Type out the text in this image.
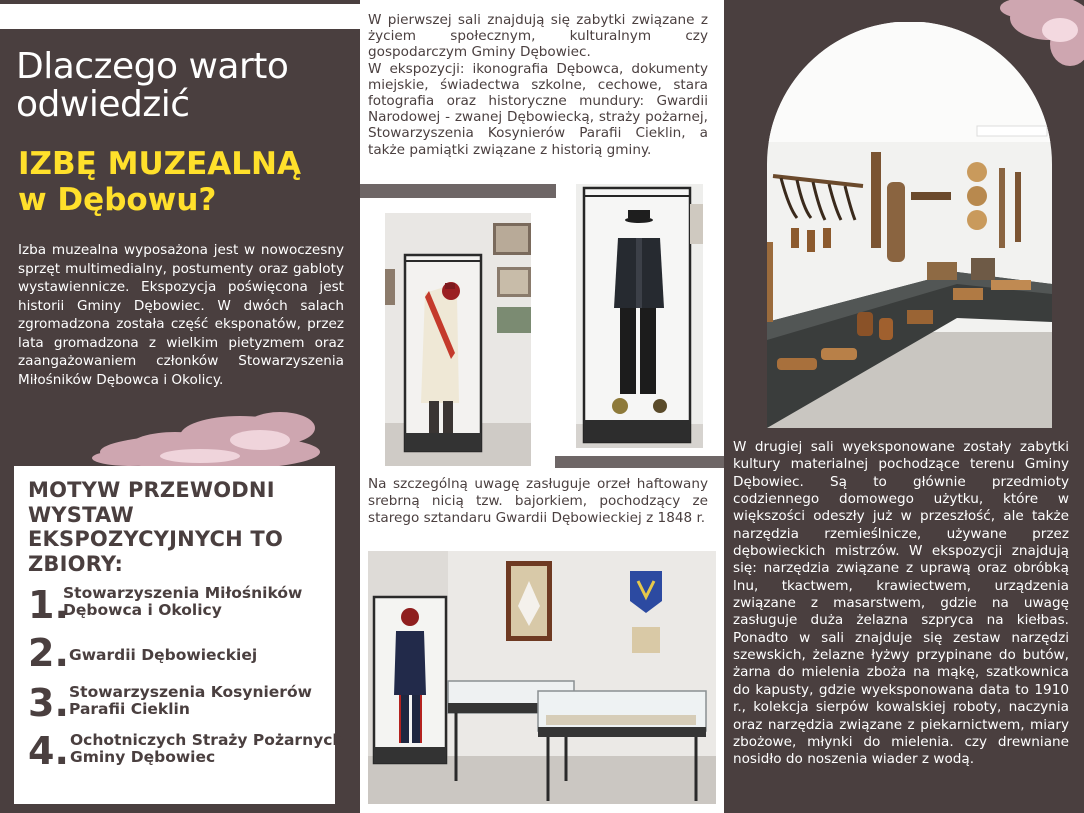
Dlaczego warto odwiedzić
IZBĘ MUZEALNĄ
w Dębowu?
Izba muzealna wyposażona jest w nowoczesny sprzęt multimedialny, postumenty oraz gabloty wystawiennicze. Ekspozycja poświęcona jest historii Gminy Dębowiec. W dwóch salach zgromadzona została część eksponatów, przez lata gromadzona z wielkim pietyzmem oraz zaangażowaniem członków Stowarzyszenia Miłośników Dębowca i Okolicy.
MOTYW PRZEWODNI WYSTAW EKSPOZYCYJNYCH TO ZBIORY:
1.
Stowarzyszenia Miłośników Dębowca i Okolicy
2. Gwardii Dębowieckiej
3. Stowarzyszenia Kosynierów Parafii Cieklin
4. Ochotniczych Straży Pożarnych Gminy Dębowiec
W pierwszej sali znajdują się zabytki związane z życiem społecznym, kulturalnym czy gospodarczym Gminy Dębowiec.
W ekspozycji: ikonografia Dębowca, dokumenty miejskie, świadectwa szkolne, cechowe, stara fotografia oraz historyczne mundury: Gwardii Narodowej - zwanej Dębowiecką, straży pożarnej, Stowarzyszenia Kosynierów Parafii Cieklin, a także pamiątki związane z historią gminy.
Na szczególną uwagę zasługuje orzeł haftowany srebrną nicią tzw. bajorkiem, pochodzący ze starego sztandaru Gwardii Dębowieckiej z 1848 r.
W drugiej sali wyeksponowane zostały zabytki kultury materialnej pochodzące terenu Gminy Dębowiec. Są to głównie przedmioty codziennego domowego użytku, które w większości odeszły już w przeszłość, ale także narzędzia rzemieślnicze, używane przez dębowieckich mistrzów. W ekspozycji znajdują się: narzędzia związane z uprawą oraz obróbką lnu, tkactwem, krawiectwem, urządzenia związane z masarstwem, gdzie na uwagę zasługuje duża żelazna szpryca na kiełbas. Ponadto w sali znajduje się zestaw narzędzi szewskich, żelazne łyżwy przypinane do butów, żarna do mielenia zboża na mąkę, szatkownica do kapusty, gdzie wyeksponowana data to 1910 r., kolekcja sierpów kowalskiej roboty, naczynia oraz narzędzia związane z piekarnictwem, miary zbożowe, młynki do mielenia. czy drewniane nosidło do noszenia wiader z wodą.
